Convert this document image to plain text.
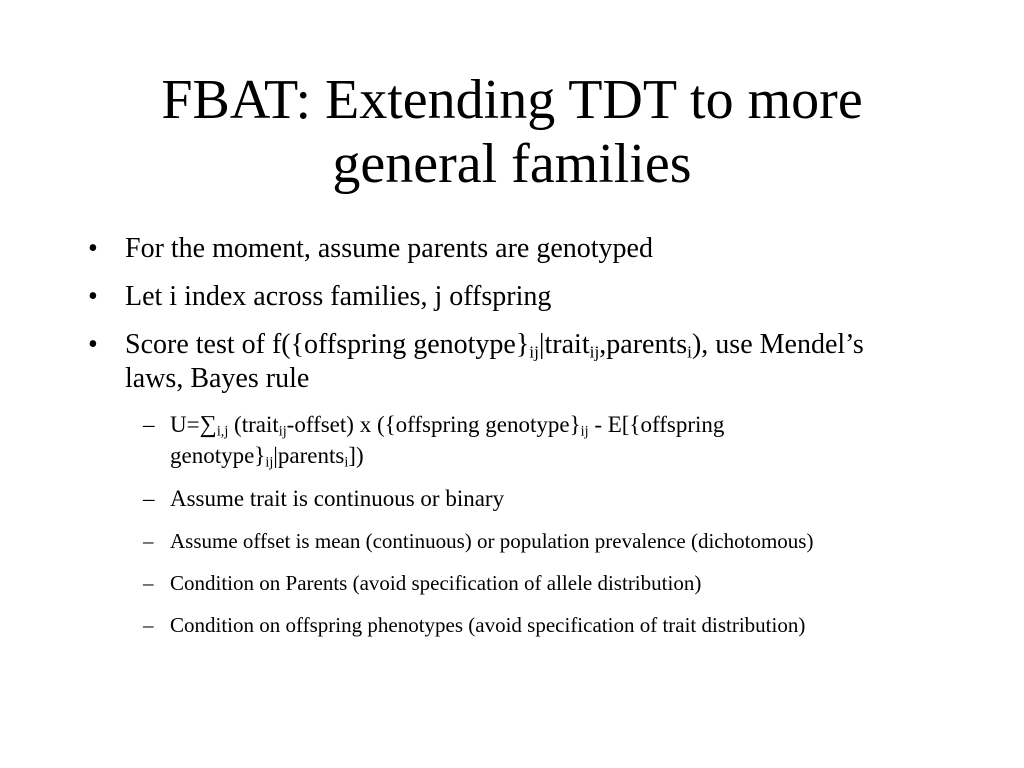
FBAT: Extending TDT to more
general families
• For the moment, assume parents are genotyped
• Let i index across families, j offspring
• Score test of f({offspring $genotype\}_{ij}|trait_{ij},parents_i$), use Mendel’s laws, Bayes rule
– $U=\sum_{i,j}$ (trait$_{ij}$-offset) x ({offspring $genotype\}_{ij}$ - E[{offspring $genotype\}_{ij}|parents_i$])
– Assume trait is continuous or binary
– Assume offset is mean (continuous) or population prevalence (dichotomous)
– Condition on Parents (avoid specification of allele distribution)
– Condition on offspring phenotypes (avoid specification of trait distribution)
